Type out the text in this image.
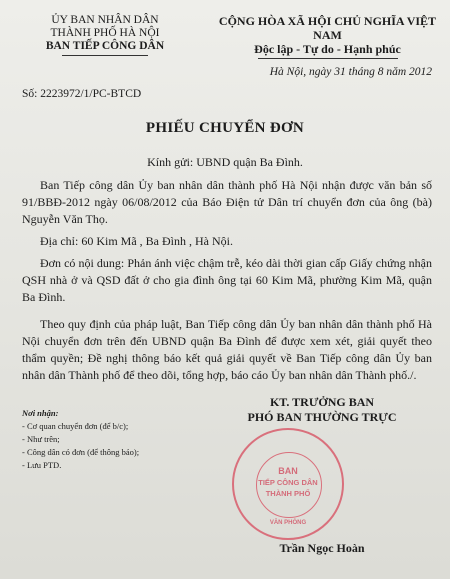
ỦY BAN NHÂN DÂN
THÀNH PHỐ HÀ NỘI
BAN TIẾP CÔNG DÂN
CỘNG HÒA XÃ HỘI CHỦ NGHĨA VIỆT NAM
Độc lập - Tự do - Hạnh phúc
Hà Nội, ngày 31 tháng 8 năm 2012
Số: 2223972/1/PC-BTCD
PHIẾU CHUYỂN ĐƠN
Kính gửi: UBND quận Ba Đình.
Ban Tiếp công dân Ủy ban nhân dân thành phố Hà Nội nhận được văn bản số 91/BBĐ-2012 ngày 06/08/2012 của Báo Điện tử Dân trí chuyển đơn của ông (bà) Nguyễn Văn Thọ.
Địa chỉ: 60 Kim Mã , Ba Đình , Hà Nội.
Đơn có nội dung: Phản ánh việc chậm trễ, kéo dài thời gian cấp Giấy chứng nhận QSH nhà ở và QSD đất ở cho gia đình ông tại 60 Kim Mã, phường Kim Mã, quận Ba Đình.
Theo quy định của pháp luật, Ban Tiếp công dân Ủy ban nhân dân thành phố Hà Nội chuyển đơn trên đến UBND quận Ba Đình để được xem xét, giải quyết theo thẩm quyền; Đề nghị thông báo kết quả giải quyết về Ban Tiếp công dân Ủy ban nhân dân Thành phố để theo dõi, tổng hợp, báo cáo Ủy ban nhân dân Thành phố./.
KT. TRƯỞNG BAN
PHÓ BAN THƯỜNG TRỰC
Nơi nhận:
- Cơ quan chuyển đơn (để b/c);
- Như trên;
- Công dân có đơn (để thông báo);
- Lưu PTD.
BAN
TIẾP CÔNG DÂN
THÀNH PHỐ
VĂN PHÒNG
Trần Ngọc Hoàn
